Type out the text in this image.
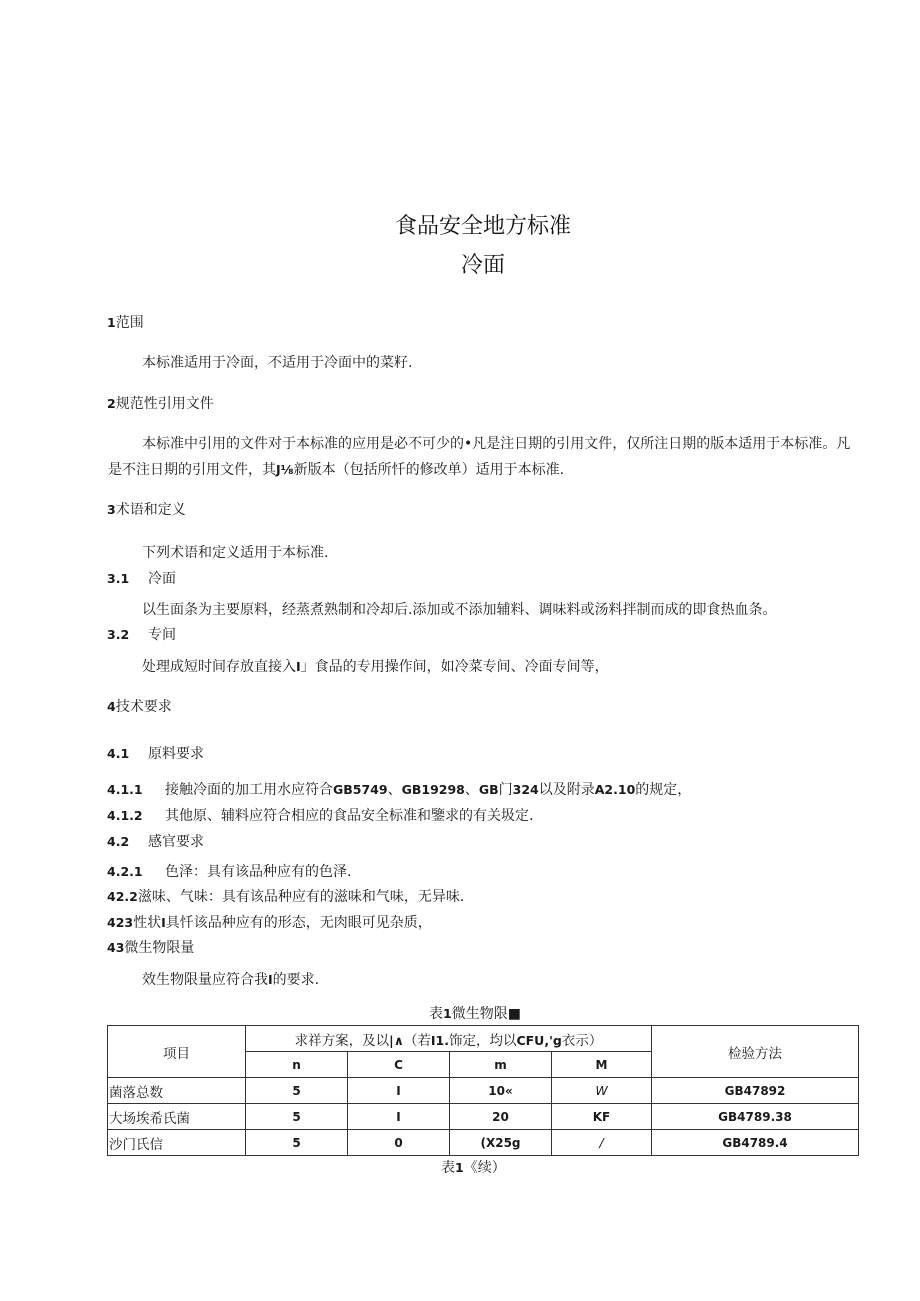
食品安全地方标准
冷面
1范围
本标准适用于冷面，不适用于冷面中的菜籽.
2规范性引用文件
本标准中引用的文件对于本标准的应用是必不可少的•凡是注日期的引用文件，仅所注日期的版本适用于本标准。凡是不注日期的引用文件，其J⅛新版本（包括所忏的修改单）适用于本标准.
3术语和定义
下列术语和定义适用于本标准.
3.1 冷面
以生面条为主要原料，经蒸煮熟制和冷却后.添加或不添加辅料、调味料或汤料拌制而成的即食热血条。
3.2 专间
处理成短时间存放直接入I」食品的专用操作间，如冷菜专间、冷面专间等，
4技术要求
4.1 原料要求
4.1.1 接触冷面的加工用水应符合GB5749、GB19298、GB门324以及附录A2.10的规定，
4.1.2 其他原、辅料应符合相应的食品安全标准和鑒求的有关圾定.
4.2 感官要求
4.2.1 色泽：具有该品种应有的色泽.
42.2滋味、气味：具有该品种应有的滋味和气味，无异味.
423性状I具忏该品种应有的形态，无肉眼可见杂质，
43微生物限量
效生物限量应符合我I的要求.
表1微生物限■
项目	求祥方案，及以|∧（若I1.饰定，均以CFU,'g衣示）				检验方法
	n	C	m	M	
菌落总数	5	I	10«	W	GB47892
大场埃希氏菌	5	I	20	KF	GB4789.38
沙门氏信	5	0	(X25g	/	GB4789.4
表1《续）
